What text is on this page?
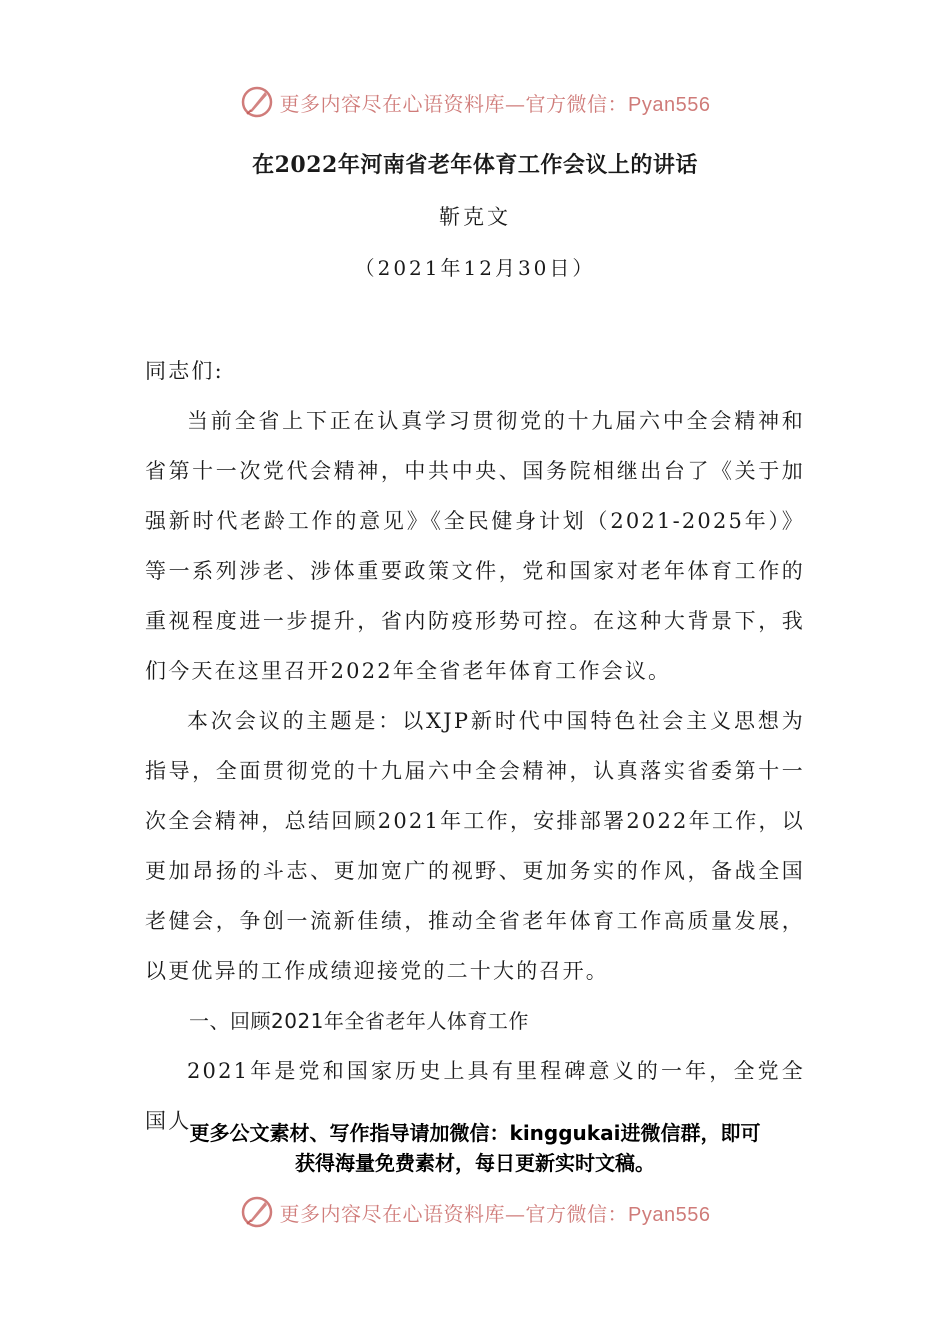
更多内容尽在心语资料库—官方微信：Pyan556
在2022年河南省老年体育工作会议上的讲话
靳克文
（2021年12月30日）

同志们:

当前全省上下正在认真学习贯彻党的十九届六中全会精神和省第十一次党代会精神，中共中央、国务院相继出台了《关于加强新时代老龄工作的意见》《全民健身计划（2021-2025年）》等一系列涉老、涉体重要政策文件，党和国家对老年体育工作的重视程度进一步提升，省内防疫形势可控。在这种大背景下，我们今天在这里召开2022年全省老年体育工作会议。

本次会议的主题是：以XJP新时代中国特色社会主义思想为指导，全面贯彻党的十九届六中全会精神，认真落实省委第十一次全会精神，总结回顾2021年工作，安排部署2022年工作，以更加昂扬的斗志、更加宽广的视野、更加务实的作风，备战全国老健会，争创一流新佳绩，推动全省老年体育工作高质量发展，以更优异的工作成绩迎接党的二十大的召开。

一、回顾2021年全省老年人体育工作

2021年是党和国家历史上具有里程碑意义的一年，全党全国人

更多公文素材、写作指导请加微信：kinggukai进微信群，即可
获得海量免费素材，每日更新实时文稿。
更多内容尽在心语资料库—官方微信：Pyan556
